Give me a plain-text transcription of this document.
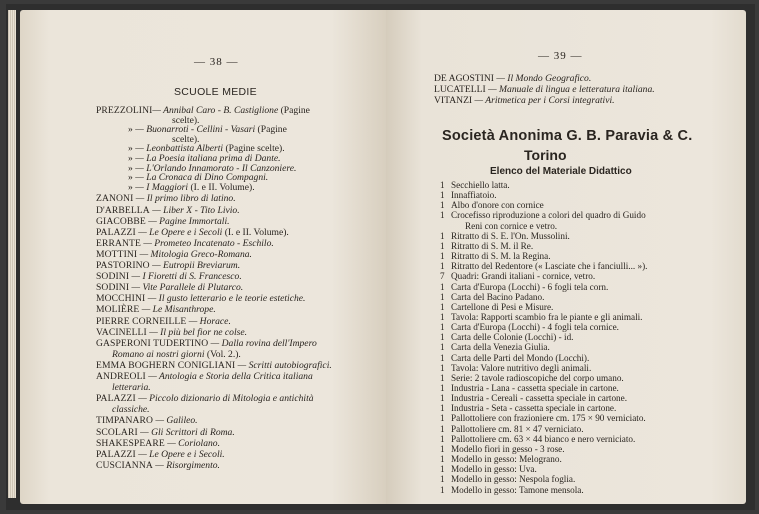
— 38 —
SCUOLE MEDIE
PREZZOLINI— Annibal Caro - B. Castiglione (Pagine
scelte).
» — Buonarroti - Cellini - Vasari (Pagine
scelte).
» — Leonbattista Alberti (Pagine scelte).
» — La Poesia italiana prima di Dante.
» — L'Orlando Innamorato - Il Canzoniere.
» — La Cronaca di Dino Compagni.
» — I Maggiori (I. e II. Volume).
ZANONI — Il primo libro di latino.
D'ARBELLA — Liber X - Tito Livio.
GIACOBBE — Pagine Immortali.
PALAZZI — Le Opere e i Secoli (I. e II. Volume).
ERRANTE — Prometeo Incatenato - Eschilo.
MOTTINI — Mitologia Greco-Romana.
PASTORINO — Eutropii Breviarum.
SODINI — I Fioretti di S. Francesco.
SODINI — Vite Parallele di Plutarco.
MOCCHINI — Il gusto letterario e le teorie estetiche.
MOLIÈRE — Le Misanthrope.
PIERRE CORNEILLE — Horace.
VACINELLI — Il più bel fior ne colse.
GASPERONI TUDERTINO — Dalla rovina dell'Impero
Romano ai nostri giorni (Vol. 2.).
EMMA BOGHERN CONIGLIANI — Scritti autobiografici.
ANDREOLI — Antologia e Storia della Critica italiana
letteraria.
PALAZZI — Piccolo dizionario di Mitologia e antichità
classiche.
TIMPANARO — Galileo.
SCOLARI — Gli Scrittori di Roma.
SHAKESPEARE — Coriolano.
PALAZZI — Le Opere e i Secoli.
CUSCIANNA — Risorgimento.
— 39 —
DE AGOSTINI — Il Mondo Geografico.
LUCATELLI — Manuale di lingua e letteratura italiana.
VITANZI — Aritmetica per i Corsi integrativi.
Società Anonima G. B. Paravia & C.
Torino
Elenco del Materiale Didattico
1 Secchiello latta.
1 Innaffiatoio.
1 Albo d'onore con cornice
1 Crocefisso riproduzione a colori del quadro di Guido
Reni con cornice e vetro.
1 Ritratto di S. E. l'On. Mussolini.
1 Ritratto di S. M. il Re.
1 Ritratto di S. M. la Regina.
1 Ritratto del Redentore (« Lasciate che i fanciulli... »).
7 Quadri: Grandi italiani - cornice, vetro.
1 Carta d'Europa (Locchi) - 6 fogli tela corn.
1 Carta del Bacino Padano.
1 Cartellone di Pesi e Misure.
1 Tavola: Rapporti scambio fra le piante e gli animali.
1 Carta d'Europa (Locchi) - 4 fogli tela cornice.
1 Carta delle Colonie (Locchi) - id.
1 Carta della Venezia Giulia.
1 Carta delle Parti del Mondo (Locchi).
1 Tavola: Valore nutritivo degli animali.
1 Serie: 2 tavole radioscopiche del corpo umano.
1 Industria - Lana - cassetta speciale in cartone.
1 Industria - Cereali - cassetta speciale in cartone.
1 Industria - Seta - cassetta speciale in cartone.
1 Pallottoliere con frazioniere cm. 175 × 90 verniciato.
1 Pallottoliere cm. 81 × 47 verniciato.
1 Pallottoliere cm. 63 × 44 bianco e nero verniciato.
1 Modello fiori in gesso - 3 rose.
1 Modello in gesso: Melograno.
1 Modello in gesso: Uva.
1 Modello in gesso: Nespola foglia.
1 Modello in gesso: Tamone mensola.
